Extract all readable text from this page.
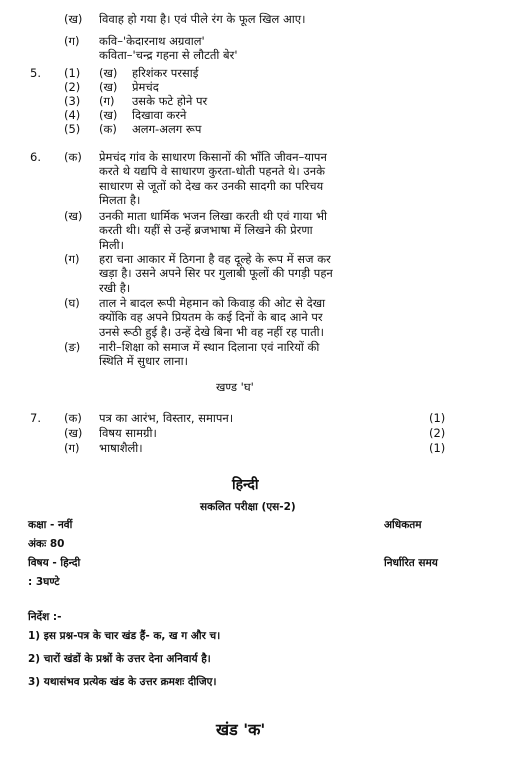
(ख) विवाह हो गया है। एवं पीले रंग के फूल खिल आए।
(ग) कवि–'केदारनाथ अग्रवाल'
कविता–'चन्द्र गहना से लौटती बेर'
5. (1) (ख) हरिशंकर परसाई
(2) (ख) प्रेमचंद
(3) (ग) उसके फटे होने पर
(4) (ख) दिखावा करने
(5) (क) अलग-अलग रूप
6. (क) प्रेमचंद गांव के साधारण किसानों की भाँति जीवन–यापन
करते थे यद्यपि वे साधारण कुरता-धोती पहनते थे। उनके
साधारण से जूतों को देख कर उनकी सादगी का परिचय
मिलता है।
(ख) उनकी माता धार्मिक भजन लिखा करती थी एवं गाया भी
करती थी। यहीं से उन्हें ब्रजभाषा में लिखने की प्रेरणा
मिली।
(ग) हरा चना आकार में ठिगना है वह दूल्हे के रूप में सज कर
खड़ा है। उसने अपने सिर पर गुलाबी फूलों की पगड़ी पहन
रखी है।
(घ) ताल ने बादल रूपी मेहमान को किवाड़ की ओट से देखा
क्योंकि वह अपने प्रियतम के कई दिनों के बाद आने पर
उनसे रूठी हुई है। उन्हें देखे बिना भी वह नहीं रह पाती।
(ङ) नारी–शिक्षा को समाज में स्थान दिलाना एवं नारियों की
स्थिति में सुधार लाना।
खण्ड 'घ'
7. (क) पत्र का आरंभ, विस्तार, समापन।	(1)
(ख) विषय सामग्री।	(2)
(ग) भाषाशैली।	(1)
हिन्दी
सकलित परीक्षा (एस-2)
कक्षा - नवीं	अधिकतम
अंकः 80
विषय - हिन्दी	निर्धारित समय
: 3घण्टे
निर्देश :-
1) इस प्रश्न-पत्र के चार खंड हैं- क, ख ग और च।
2) चारों खंडों के प्रश्नों के उत्तर देना अनिवार्य है।
3) यथासंभव प्रत्येक खंड के उत्तर क्रमशः दीजिए।
खंड 'क'
